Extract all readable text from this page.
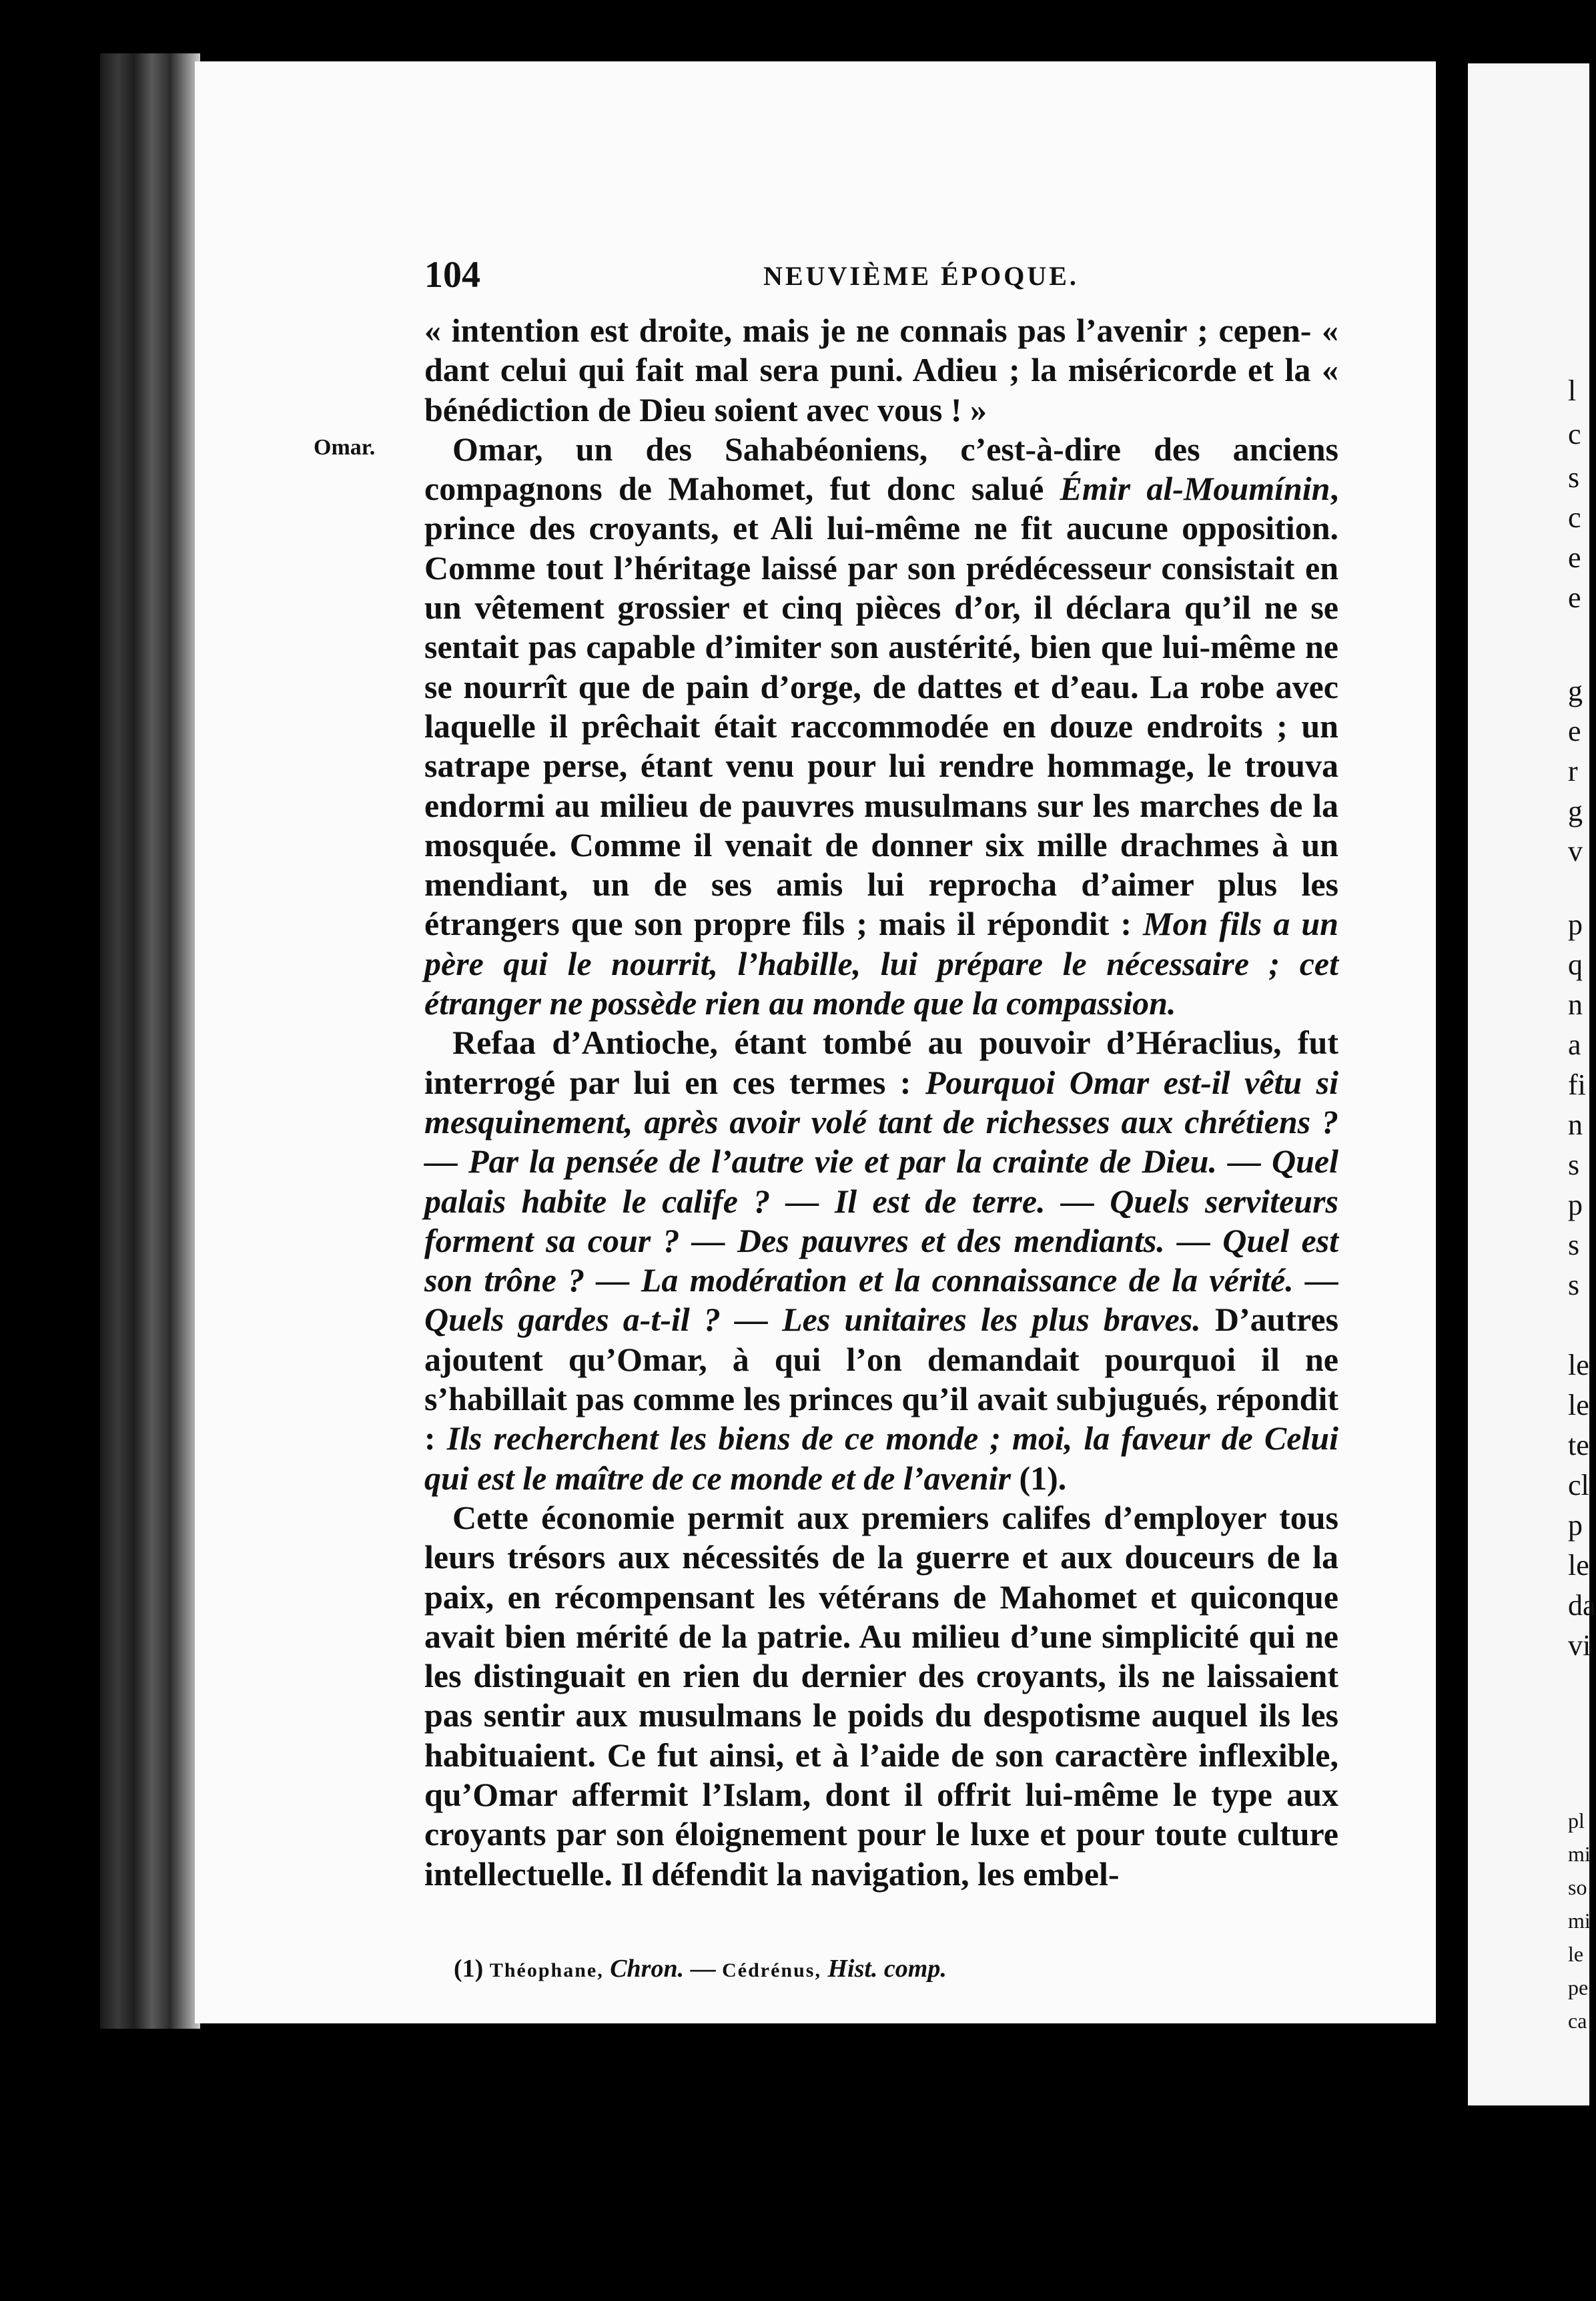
l
c
s
c
e
e
g
e
r
g
v
p
q
n
a
fi
n
s
p
s
s
le
le
te
cl
p
le
da
vi
pl
mi
so
mi
le
pe
ca
104	NEUVIÈME ÉPOQUE.
Omar.

« intention est droite, mais je ne connais pas l’avenir ; cepen- « dant celui qui fait mal sera puni. Adieu ; la miséricorde et la « bénédiction de Dieu soient avec vous ! »

Omar, un des Sahabéoniens, c’est-à-dire des anciens compagnons de Mahomet, fut donc salué Émir al-Moumínin, prince des croyants, et Ali lui-même ne fit aucune opposition. Comme tout l’héritage laissé par son prédécesseur consistait en un vêtement grossier et cinq pièces d’or, il déclara qu’il ne se sentait pas capable d’imiter son austérité, bien que lui-même ne se nourrît que de pain d’orge, de dattes et d’eau. La robe avec laquelle il prêchait était raccommodée en douze endroits ; un satrape perse, étant venu pour lui rendre hommage, le trouva endormi au milieu de pauvres musulmans sur les marches de la mosquée. Comme il venait de donner six mille drachmes à un mendiant, un de ses amis lui reprocha d’aimer plus les étrangers que son propre fils ; mais il répondit : Mon fils a un père qui le nourrit, l’habille, lui prépare le nécessaire ; cet étranger ne possède rien au monde que la compassion.

Refaa d’Antioche, étant tombé au pouvoir d’Héraclius, fut interrogé par lui en ces termes : Pourquoi Omar est-il vêtu si mesquinement, après avoir volé tant de richesses aux chrétiens ? — Par la pensée de l’autre vie et par la crainte de Dieu. — Quel palais habite le calife ? — Il est de terre. — Quels serviteurs forment sa cour ? — Des pauvres et des mendiants. — Quel est son trône ? — La modération et la connaissance de la vérité. — Quels gardes a-t-il ? — Les unitaires les plus braves. D’autres ajoutent qu’Omar, à qui l’on demandait pourquoi il ne s’habillait pas comme les princes qu’il avait subjugués, répondit : Ils recherchent les biens de ce monde ; moi, la faveur de Celui qui est le maître de ce monde et de l’avenir (1).

Cette économie permit aux premiers califes d’employer tous leurs trésors aux nécessités de la guerre et aux douceurs de la paix, en récompensant les vétérans de Mahomet et quiconque avait bien mérité de la patrie. Au milieu d’une simplicité qui ne les distinguait en rien du dernier des croyants, ils ne laissaient pas sentir aux musulmans le poids du despotisme auquel ils les habituaient. Ce fut ainsi, et à l’aide de son caractère inflexible, qu’Omar affermit l’Islam, dont il offrit lui-même le type aux croyants par son éloignement pour le luxe et pour toute culture intellectuelle. Il défendit la navigation, les embel-

(1) Théophane, Chron. — Cédrénus, Hist. comp.
